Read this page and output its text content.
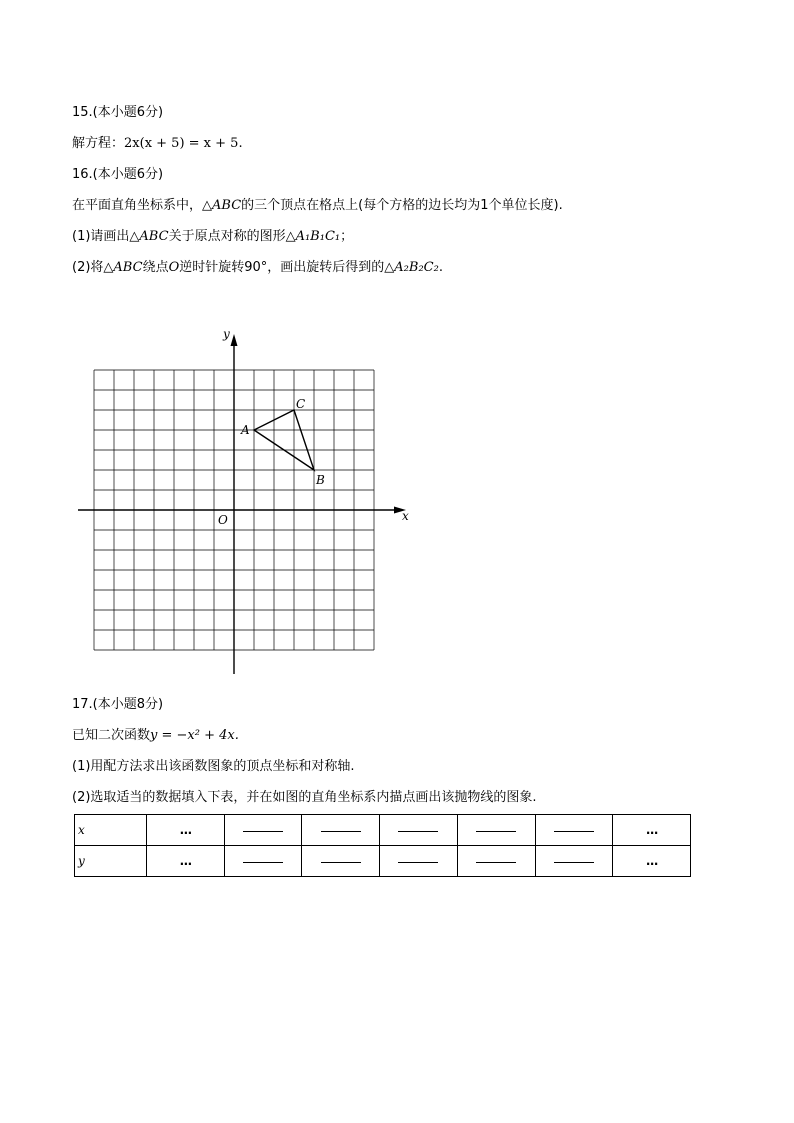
15.(本小题6分)

解方程：2x(x + 5) = x + 5.

16.(本小题6分)

在平面直角坐标系中，△ABC的三个顶点在格点上(每个方格的边长均为1个单位长度).

(1)请画出△ABC关于原点对称的图形△A₁B₁C₁；

(2)将△ABC绕点O逆时针旋转90°，画出旋转后得到的△A₂B₂C₂.

x
y
O
A
B
C

17.(本小题8分)

已知二次函数y = −x² + 4x.

(1)用配方法求出该函数图象的顶点坐标和对称轴.

(2)选取适当的数据填入下表，并在如图的直角坐标系内描点画出该抛物线的图象.

x	…						…
y	…						…
